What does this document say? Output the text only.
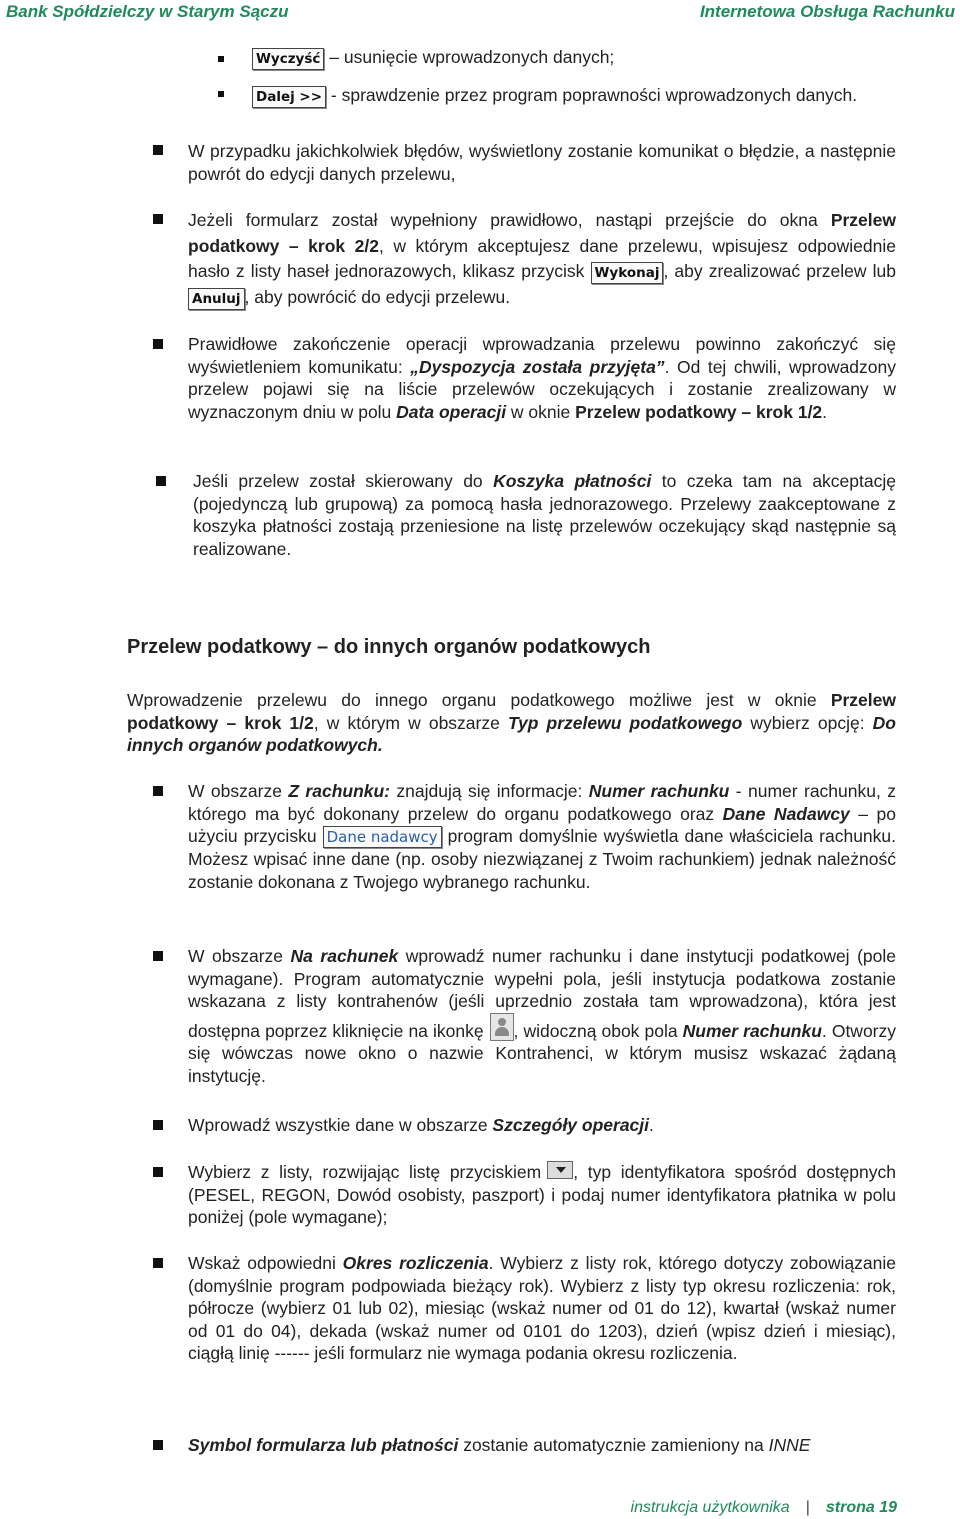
Bank Spółdzielczy w Starym Sączu	Internetowa Obsługa Rachunku
Wyczyść – usunięcie wprowadzonych danych;
Dalej >> - sprawdzenie przez program poprawności wprowadzonych danych.
W przypadku jakichkolwiek błędów, wyświetlony zostanie komunikat o błędzie, a następnie powrót do edycji danych przelewu,
Jeżeli formularz został wypełniony prawidłowo, nastąpi przejście do okna Przelew podatkowy – krok 2/2, w którym akceptujesz dane przelewu, wpisujesz odpowiednie hasło z listy haseł jednorazowych, klikasz przycisk Wykonaj , aby zrealizować przelew lub Anuluj , aby powrócić do edycji przelewu.
Prawidłowe zakończenie operacji wprowadzania przelewu powinno zakończyć się wyświetleniem komunikatu: „Dyspozycja została przyjęta”. Od tej chwili, wprowadzony przelew pojawi się na liście przelewów oczekujących i zostanie zrealizowany w wyznaczonym dniu w polu Data operacji w oknie Przelew podatkowy – krok 1/2.
Jeśli przelew został skierowany do Koszyka płatności to czeka tam na akceptację (pojedynczą lub grupową) za pomocą hasła jednorazowego. Przelewy zaakceptowane z koszyka płatności zostają przeniesione na listę przelewów oczekujący skąd następnie są realizowane.
Przelew podatkowy – do innych organów podatkowych
Wprowadzenie przelewu do innego organu podatkowego możliwe jest w oknie Przelew podatkowy – krok 1/2, w którym w obszarze Typ przelewu podatkowego wybierz opcję: Do innych organów podatkowych.
W obszarze Z rachunku: znajdują się informacje: Numer rachunku - numer rachunku, z którego ma być dokonany przelew do organu podatkowego oraz Dane Nadawcy – po użyciu przycisku Dane nadawcy program domyślnie wyświetla dane właściciela rachunku. Możesz wpisać inne dane (np. osoby niezwiązanej z Twoim rachunkiem) jednak należność zostanie dokonana z Twojego wybranego rachunku.
W obszarze Na rachunek wprowadź numer rachunku i dane instytucji podatkowej (pole wymagane). Program automatycznie wypełni pola, jeśli instytucja podatkowa zostanie wskazana z listy kontrahenów (jeśli uprzednio została tam wprowadzona), która jest dostępna poprzez kliknięcie na ikonkę , widoczną obok pola Numer rachunku. Otworzy się wówczas nowe okno o nazwie Kontrahenci, w którym musisz wskazać żądaną instytucję.
Wprowadź wszystkie dane w obszarze Szczegóły operacji.
Wybierz z listy, rozwijając listę przyciskiem , typ identyfikatora spośród dostępnych (PESEL, REGON, Dowód osobisty, paszport) i podaj numer identyfikatora płatnika w polu poniżej (pole wymagane);
Wskaż odpowiedni Okres rozliczenia. Wybierz z listy rok, którego dotyczy zobowiązanie (domyślnie program podpowiada bieżący rok). Wybierz z listy typ okresu rozliczenia: rok, półrocze (wybierz 01 lub 02), miesiąc (wskaż numer od 01 do 12), kwartał (wskaż numer od 01 do 04), dekada (wskaż numer od 0101 do 1203), dzień (wpisz dzień i miesiąc), ciągłą linię ------ jeśli formularz nie wymaga podania okresu rozliczenia.
Symbol formularza lub płatności zostanie automatycznie zamieniony na INNE
instrukcja użytkownika | strona 19
